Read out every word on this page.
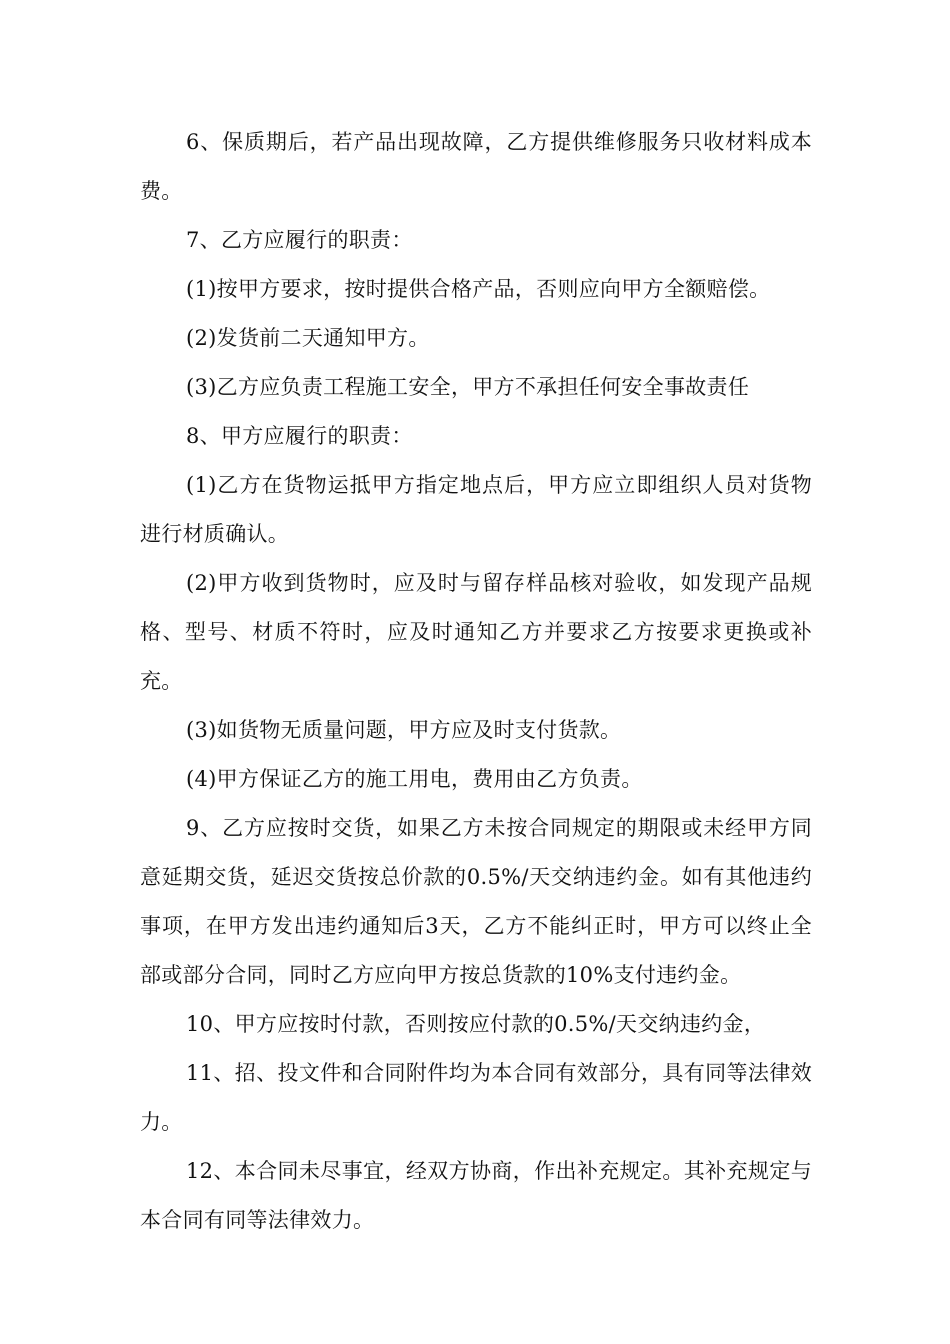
6、保质期后，若产品出现故障，乙方提供维修服务只收材料成本费。

7、乙方应履行的职责：

(1)按甲方要求，按时提供合格产品，否则应向甲方全额赔偿。

(2)发货前二天通知甲方。

(3)乙方应负责工程施工安全，甲方不承担任何安全事故责任

8、甲方应履行的职责：

(1)乙方在货物运抵甲方指定地点后，甲方应立即组织人员对货物进行材质确认。

(2)甲方收到货物时，应及时与留存样品核对验收，如发现产品规格、型号、材质不符时，应及时通知乙方并要求乙方按要求更换或补充。

(3)如货物无质量问题，甲方应及时支付货款。

(4)甲方保证乙方的施工用电，费用由乙方负责。

9、乙方应按时交货，如果乙方未按合同规定的期限或未经甲方同意延期交货，延迟交货按总价款的0.5%/天交纳违约金。如有其他违约事项，在甲方发出违约通知后3天，乙方不能纠正时，甲方可以终止全部或部分合同，同时乙方应向甲方按总货款的10%支付违约金。

10、甲方应按时付款，否则按应付款的0.5%/天交纳违约金，

11、招、投文件和合同附件均为本合同有效部分，具有同等法律效力。

12、本合同未尽事宜，经双方协商，作出补充规定。其补充规定与本合同有同等法律效力。
